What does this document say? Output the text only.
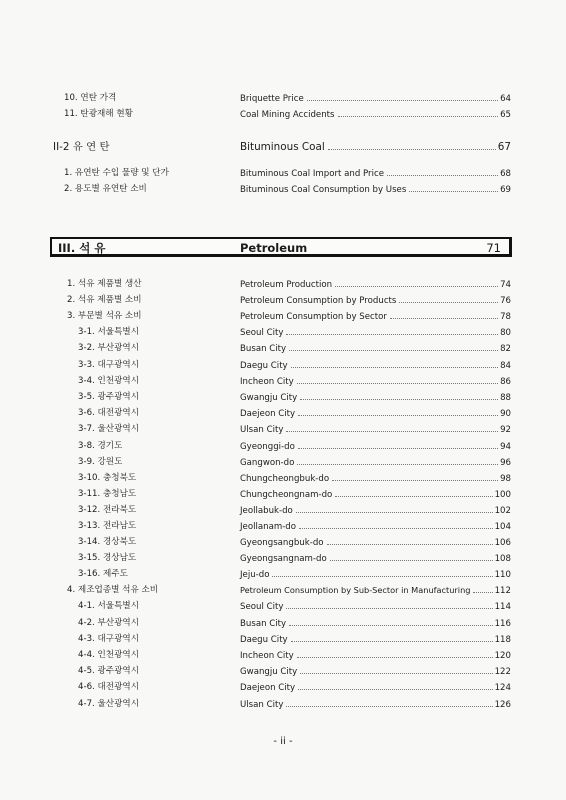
10. 연탄 가격	Briquette Price	64
11. 탄광재해 현황	Coal Mining Accidents	65
II-2 유 연 탄	Bituminous Coal	67
1. 유연탄 수입 물량 및 단가	Bituminous Coal Import and Price	68
2. 용도별 유연탄 소비	Bituminous Coal Consumption by Uses	69
III. 석 유	Petroleum	71
1. 석유 제품별 생산	Petroleum Production	74
2. 석유 제품별 소비	Petroleum Consumption by Products	76
3. 부문별 석유 소비	Petroleum Consumption by Sector	78
3-1. 서울특별시	Seoul City	80
3-2. 부산광역시	Busan City	82
3-3. 대구광역시	Daegu City	84
3-4. 인천광역시	Incheon City	86
3-5. 광주광역시	Gwangju City	88
3-6. 대전광역시	Daejeon City	90
3-7. 울산광역시	Ulsan City	92
3-8. 경기도	Gyeonggi-do	94
3-9. 강원도	Gangwon-do	96
3-10. 충청북도	Chungcheongbuk-do	98
3-11. 충청남도	Chungcheongnam-do	100
3-12. 전라북도	Jeollabuk-do	102
3-13. 전라남도	Jeollanam-do	104
3-14. 경상북도	Gyeongsangbuk-do	106
3-15. 경상남도	Gyeongsangnam-do	108
3-16. 제주도	Jeju-do	110
4. 제조업종별 석유 소비	Petroleum Consumption by Sub-Sector in Manufacturing	112
4-1. 서울특별시	Seoul City	114
4-2. 부산광역시	Busan City	116
4-3. 대구광역시	Daegu City	118
4-4. 인천광역시	Incheon City	120
4-5. 광주광역시	Gwangju City	122
4-6. 대전광역시	Daejeon City	124
4-7. 울산광역시	Ulsan City	126
- ii -
